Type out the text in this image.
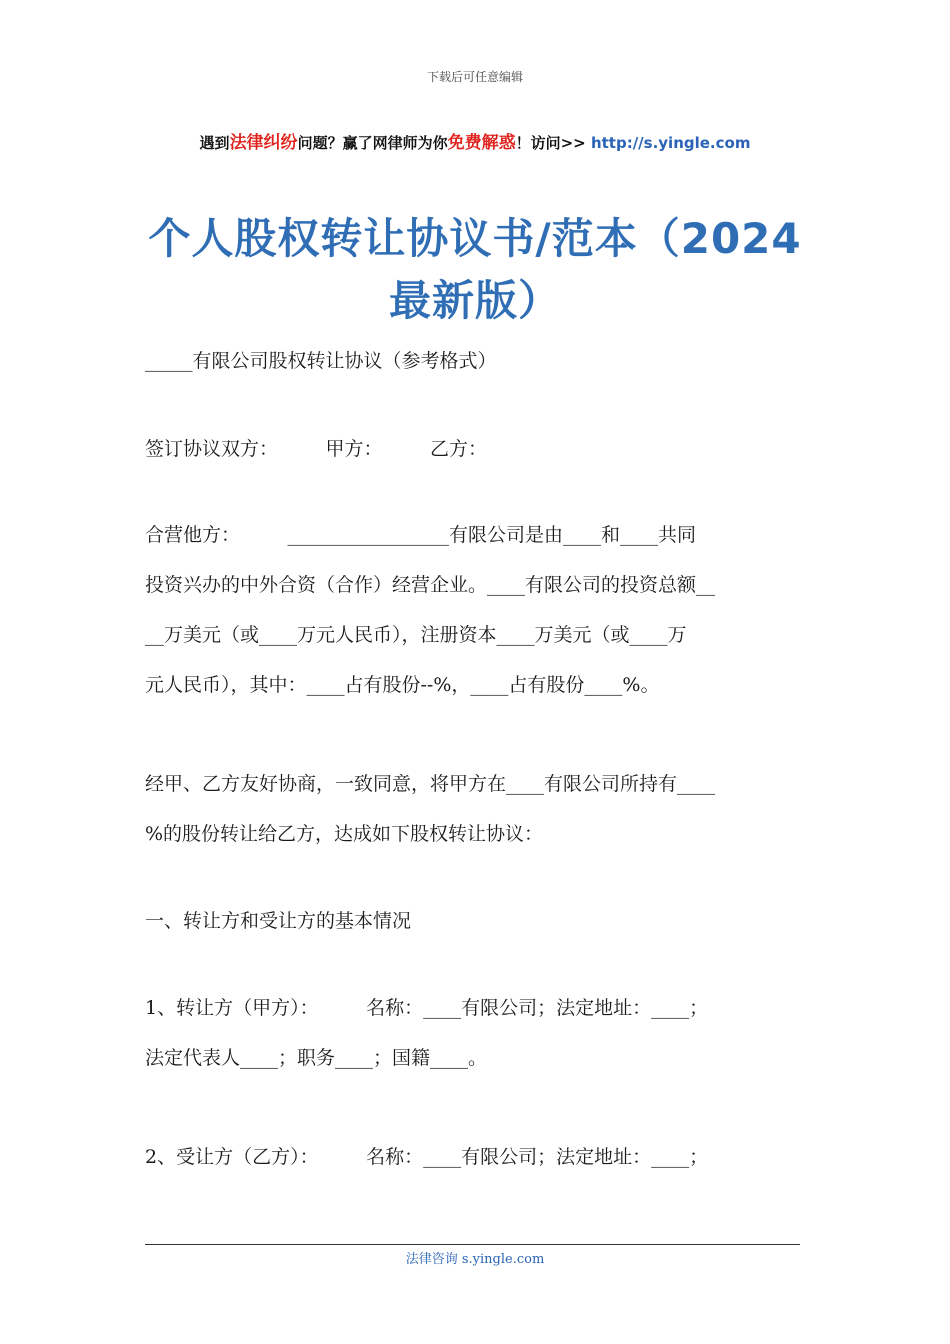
下载后可任意编辑
遇到法律纠纷问题？赢了网律师为你免费解惑！访问>> http://s.yingle.com
个人股权转让协议书/范本（2024
最新版）
_____有限公司股权转让协议（参考格式）
签订协议双方：　　　甲方：　　　乙方：
合营他方：　　　_________________有限公司是由____和____共同
投资兴办的中外合资（合作）经营企业。____有限公司的投资总额__
__万美元（或____万元人民币），注册资本____万美元（或____万
元人民币），其中：____占有股份--%，____占有股份____%。
经甲、乙方友好协商，一致同意，将甲方在____有限公司所持有____
%的股份转让给乙方，达成如下股权转让协议：
一、转让方和受让方的基本情况
1、转让方（甲方）：　　　名称：____有限公司；法定地址：____；
法定代表人____；职务____；国籍____。
2、受让方（乙方）：　　　名称：____有限公司；法定地址：____；
法律咨询 s.yingle.com
